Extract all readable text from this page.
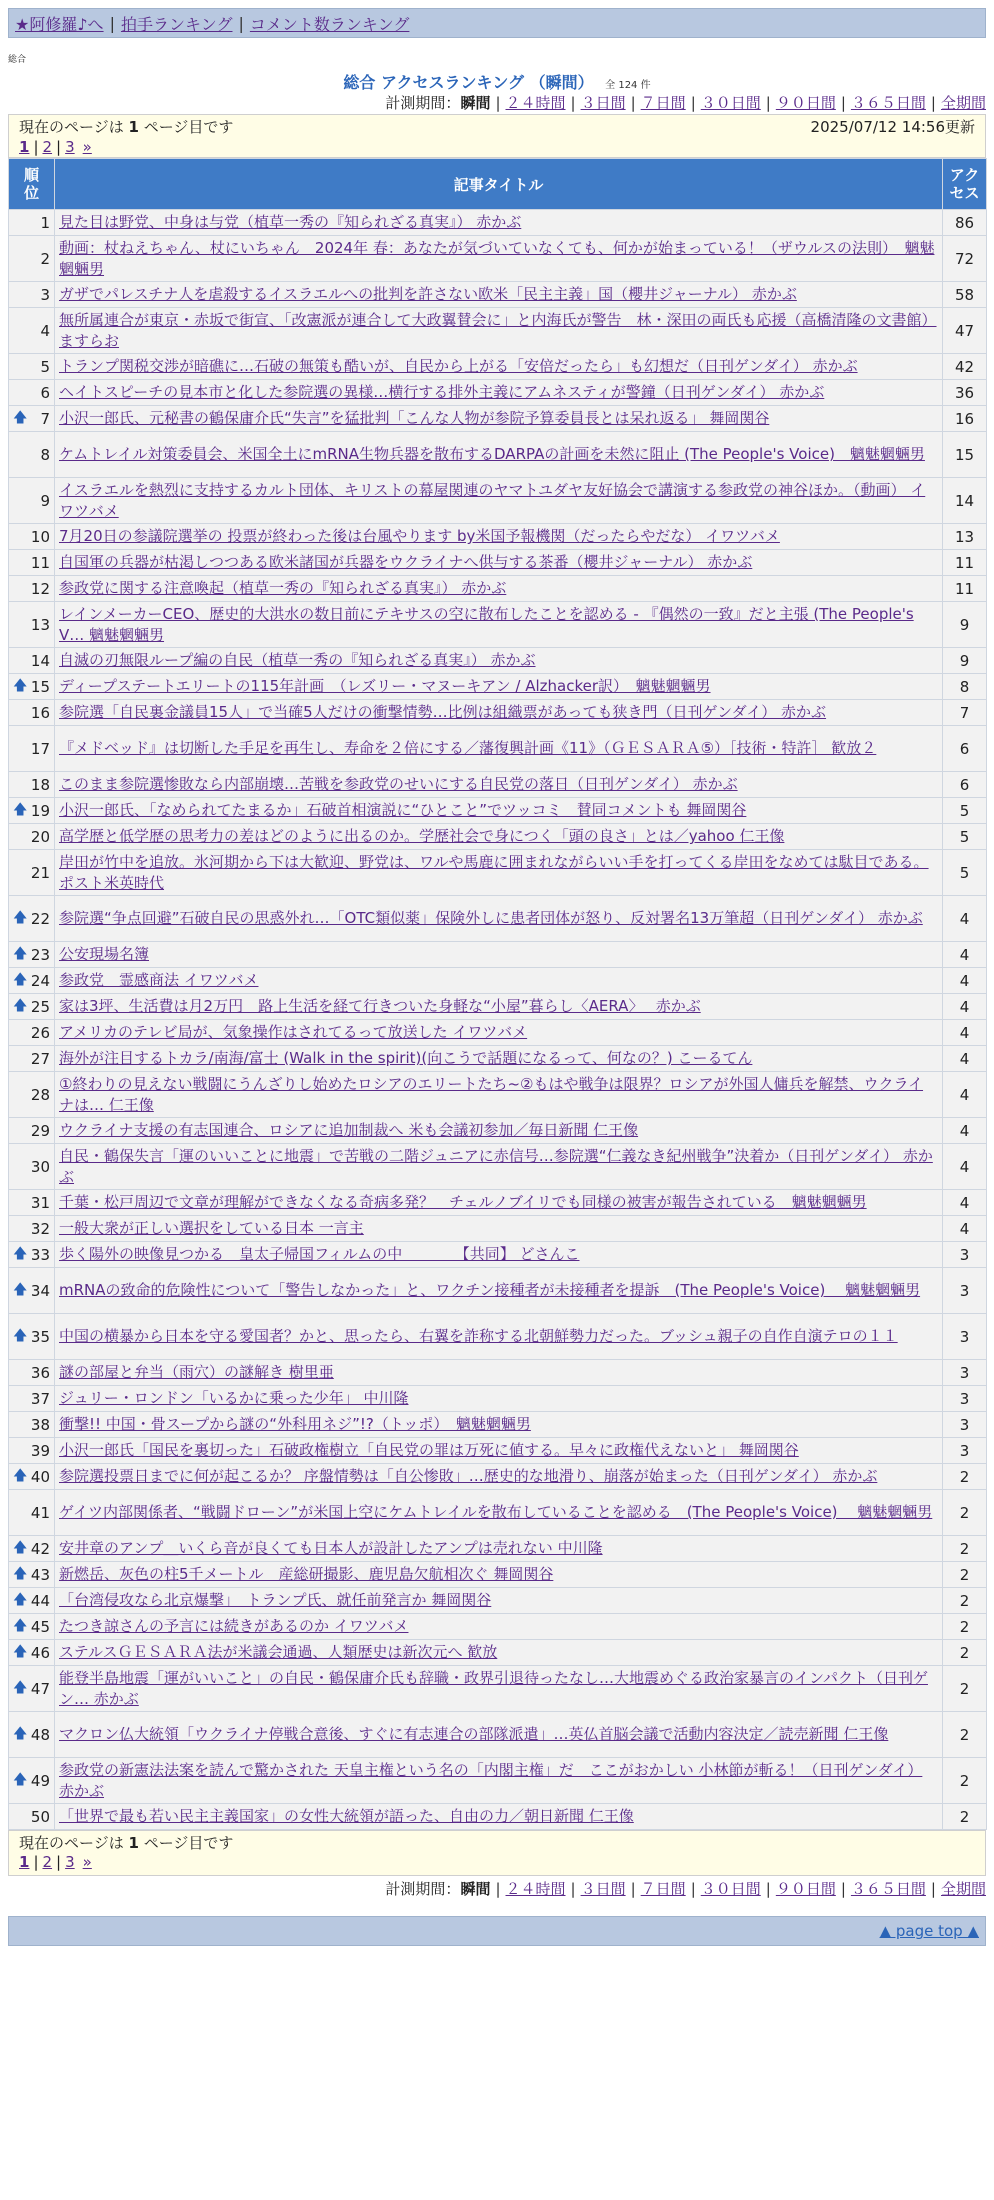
★阿修羅♪へ | 拍手ランキング | コメント数ランキング
総合
総合 アクセスランキング （瞬間） 全 124 件
計測期間：瞬間 | ２４時間 | ３日間 | ７日間 | ３０日間 | ９０日間 | ３６５日間 | 全期間
現在のページは 1 ページ目です	2025/07/12 14:56更新
1 | 2 | 3 »
順位	記事タイトル	アクセス
1	見た目は野党、中身は与党（植草一秀の『知られざる真実』） 赤かぶ	86
2	動画：杖ねえちゃん、杖にいちゃん　2024年 春：あなたが気づいていなくても、何かが始まっている！（ザウルスの法則）　魑魅魍魎男	72
3	ガザでパレスチナ人を虐殺するイスラエルへの批判を許さない欧米「民主主義」国（櫻井ジャーナル） 赤かぶ	58
4	無所属連合が東京・赤坂で街宣、「改憲派が連合して大政翼賛会に」と内海氏が警告　林・深田の両氏も応援（高橋清隆の文書館） ますらお	47
5	トランプ関税交渉が暗礁に…石破の無策も酷いが、自民から上がる「安倍だったら」も幻想だ（日刊ゲンダイ） 赤かぶ	42
6	ヘイトスピーチの見本市と化した参院選の異様…横行する排外主義にアムネスティが警鐘（日刊ゲンダイ） 赤かぶ	36

🡅 7	小沢一郎氏、元秘書の鶴保庸介氏“失言”を猛批判「こんな人物が参院予算委員長とは呆れ返る」 舞岡関谷	16
8	ケムトレイル対策委員会、米国全土にmRNA生物兵器を散布するDARPAの計画を未然に阻止 (The People's Voice)　魑魅魍魎男	15
9	イスラエルを熱烈に支持するカルト団体、キリストの幕屋関連のヤマトユダヤ友好協会で講演する参政党の神谷ほか。（動画） イワツバメ	14
10	7月20日の参議院選挙の 投票が終わった後は台風やります by米国予報機関（だったらやだな） イワツバメ	13
11	自国軍の兵器が枯渇しつつある欧米諸国が兵器をウクライナへ供与する茶番（櫻井ジャーナル） 赤かぶ	11
12	参政党に関する注意喚起（植草一秀の『知られざる真実』） 赤かぶ	11
13	レインメーカーCEO、歴史的大洪水の数日前にテキサスの空に散布したことを認める - 『偶然の一致』だと主張 (The People's V… 魑魅魍魎男	9
14	自滅の刃無限ループ編の自民（植草一秀の『知られざる真実』） 赤かぶ	9

🡅 15	ディープステートエリートの115年計画　（レズリー・マヌーキアン / Alzhacker訳）　魑魅魍魎男	8
16	参院選「自民裏金議員15人」で当確5人だけの衝撃情勢…比例は組織票があっても狭き門（日刊ゲンダイ） 赤かぶ	7
17	『メドベッド』は切断した手足を再生し、寿命を２倍にする／藩復興計画《11》（ＧＥＳＡＲＡ⑤）［技術・特許］ 歓放２	6
18	このまま参院選惨敗なら内部崩壊…苦戦を参政党のせいにする自民党の落日（日刊ゲンダイ） 赤かぶ	6

🡅 19	小沢一郎氏、「なめられてたまるか」石破首相演説に“ひとこと”でツッコミ　賛同コメントも 舞岡関谷	5
20	高学歴と低学歴の思考力の差はどのように出るのか。学歴社会で身につく「頭の良さ」とは／yahoo 仁王像	5
21	岸田が竹中を追放。氷河期から下は大歓迎、野党は、ワルや馬鹿に囲まれながらいい手を打ってくる岸田をなめては駄目である。 ポスト米英時代	5

🡅 22	参院選“争点回避”石破自民の思惑外れ…「OTC類似薬」保険外しに患者団体が怒り、反対署名13万筆超（日刊ゲンダイ） 赤かぶ	4

🡅 23	公安現場名簿	4

🡅 24	参政党　霊感商法 イワツバメ	4

🡅 25	家は3坪、生活費は月2万円　路上生活を経て行きついた身軽な“小屋”暮らし〈AERA〉　 赤かぶ	4
26	アメリカのテレビ局が、気象操作はされてるって放送した イワツバメ	4
27	海外が注目するトカラ/南海/富士 (Walk in the spirit)(向こうで話題になるって、何なの？) こーるてん	4
28	①終わりの見えない戦闘にうんざりし始めたロシアのエリートたち~②もはや戦争は限界？ロシアが外国人傭兵を解禁、ウクライナは… 仁王像	4
29	ウクライナ支援の有志国連合、ロシアに追加制裁へ 米も会議初参加／毎日新聞 仁王像	4
30	自民・鶴保失言「運のいいことに地震」で苦戦の二階ジュニアに赤信号…参院選“仁義なき紀州戦争”決着か（日刊ゲンダイ） 赤かぶ	4
31	千葉・松戸周辺で文章が理解ができなくなる奇病多発？　チェルノブイリでも同様の被害が報告されている　魑魅魍魎男	4
32	一般大衆が正しい選択をしている日本 一言主	4

🡅 33	歩く陽外の映像見つかる　皇太子帰国フィルムの中　　　　【共同】 どさんこ	3

🡅 34	mRNAの致命的危険性について「警告しなかった」と、ワクチン接種者が未接種者を提訴　(The People's Voice)　 魑魅魍魎男	3

🡅 35	中国の横暴から日本を守る愛国者？かと、思ったら、右翼を詐称する北朝鮮勢力だった。ブッシュ親子の自作自演テロの１１	3
36	謎の部屋と弁当（雨穴）の謎解き 樹里亜	3
37	ジュリー・ロンドン「いるかに乗った少年」 中川隆	3
38	衝撃!! 中国・骨スープから謎の“外科用ネジ”!?（トッポ）　魑魅魍魎男	3
39	小沢一郎氏「国民を裏切った」石破政権樹立「自民党の罪は万死に値する。早々に政権代えないと」 舞岡関谷	3

🡅 40	参院選投票日までに何が起こるか？ 序盤情勢は「自公惨敗」…歴史的な地滑り、崩落が始まった（日刊ゲンダイ） 赤かぶ	2
41	ゲイツ内部関係者、“戦闘ドローン”が米国上空にケムトレイルを散布していることを認める　(The People's Voice)　 魑魅魍魎男	2

🡅 42	安井章のアンプ＿いくら音が良くても日本人が設計したアンプは売れない 中川隆	2

🡅 43	新燃岳、灰色の柱5千メートル　産総研撮影、鹿児島欠航相次ぐ 舞岡関谷	2

🡅 44	「台湾侵攻なら北京爆撃」　トランプ氏、就任前発言か 舞岡関谷	2

🡅 45	たつき諒さんの予言には続きがあるのか イワツバメ	2

🡅 46	ステルスＧＥＳＡＲＡ法が米議会通過、人類歴史は新次元へ 歓放	2

🡅 47	能登半島地震「運がいいこと」の自民・鶴保庸介氏も辞職・政界引退待ったなし…大地震めぐる政治家暴言のインパクト（日刊ゲン… 赤かぶ	2

🡅 48	マクロン仏大統領「ウクライナ停戦合意後、すぐに有志連合の部隊派遣」…英仏首脳会議で活動内容決定／読売新聞 仁王像	2

🡅 49	参政党の新憲法法案を読んで驚かされた 天皇主権という名の「内閣主権」だ　ここがおかしい 小林節が斬る！（日刊ゲンダイ） 赤かぶ	2
50	「世界で最も若い民主主義国家」の女性大統領が語った、自由の力／朝日新聞 仁王像	2
現在のページは 1 ページ目です
1 | 2 | 3 »
計測期間：瞬間 | ２４時間 | ３日間 | ７日間 | ３０日間 | ９０日間 | ３６５日間 | 全期間
▲ page top ▲
